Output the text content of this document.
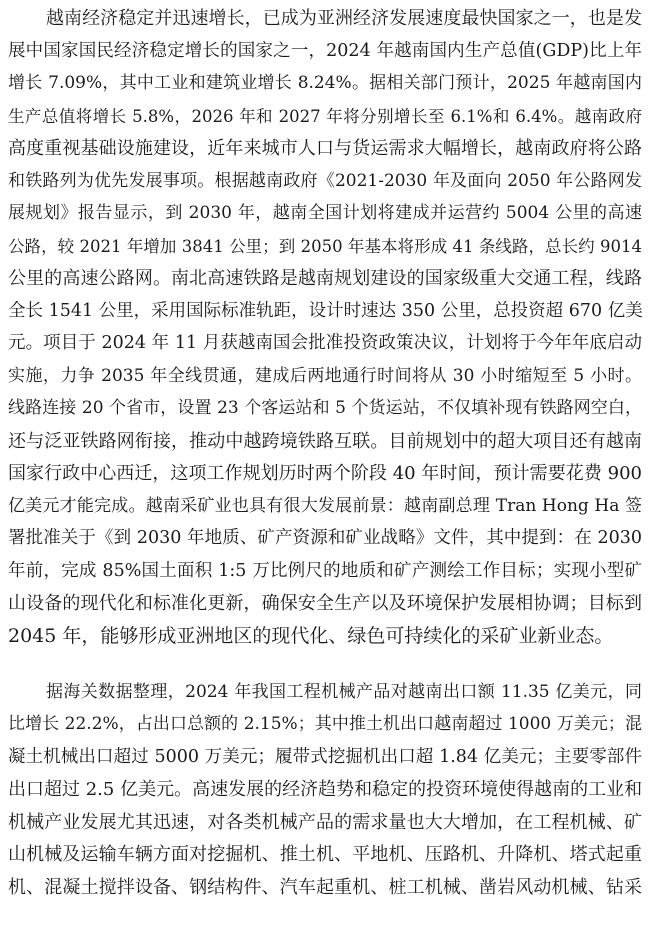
越南经济稳定并迅速增长，已成为亚洲经济发展速度最快国家之一，也是发
展中国家国民经济稳定增长的国家之一，2024 年越南国内生产总值(GDP)比上年
增长 7.09%，其中工业和建筑业增长 8.24%。据相关部门预计，2025 年越南国内
生产总值将增长 5.8%，2026 年和 2027 年将分别增长至 6.1%和 6.4%。越南政府
高度重视基础设施建设，近年来城市人口与货运需求大幅增长，越南政府将公路
和铁路列为优先发展事项。根据越南政府《2021-2030 年及面向 2050 年公路网发
展规划》报告显示，到 2030 年，越南全国计划将建成并运营约 5004 公里的高速
公路，较 2021 年增加 3841 公里；到 2050 年基本将形成 41 条线路，总长约 9014
公里的高速公路网。南北高速铁路是越南规划建设的国家级重大交通工程，线路
全长 1541 公里，采用国际标准轨距，设计时速达 350 公里，总投资超 670 亿美
元。项目于 2024 年 11 月获越南国会批准投资政策决议，计划将于今年年底启动
实施，力争 2035 年全线贯通，建成后两地通行时间将从 30 小时缩短至 5 小时。
线路连接 20 个省市，设置 23 个客运站和 5 个货运站，不仅填补现有铁路网空白，
还与泛亚铁路网衔接，推动中越跨境铁路互联。目前规划中的超大项目还有越南
国家行政中心西迁，这项工作规划历时两个阶段 40 年时间，预计需要花费 900
亿美元才能完成。越南采矿业也具有很大发展前景：越南副总理 Tran Hong Ha 签
署批准关于《到 2030 年地质、矿产资源和矿业战略》文件，其中提到：在 2030
年前，完成 85%国土面积 1:5 万比例尺的地质和矿产测绘工作目标；实现小型矿
山设备的现代化和标准化更新，确保安全生产以及环境保护发展相协调；目标到
2045 年，能够形成亚洲地区的现代化、绿色可持续化的采矿业新业态。
据海关数据整理，2024 年我国工程机械产品对越南出口额 11.35 亿美元，同
比增长 22.2%，占出口总额的 2.15%；其中推土机出口越南超过 1000 万美元；混
凝土机械出口超过 5000 万美元；履带式挖掘机出口超 1.84 亿美元；主要零部件
出口超过 2.5 亿美元。高速发展的经济趋势和稳定的投资环境使得越南的工业和
机械产业发展尤其迅速，对各类机械产品的需求量也大大增加，在工程机械、矿
山机械及运输车辆方面对挖掘机、推土机、平地机、压路机、升降机、塔式起重
机、混凝土搅拌设备、钢结构件、汽车起重机、桩工机械、凿岩风动机械、钻采
